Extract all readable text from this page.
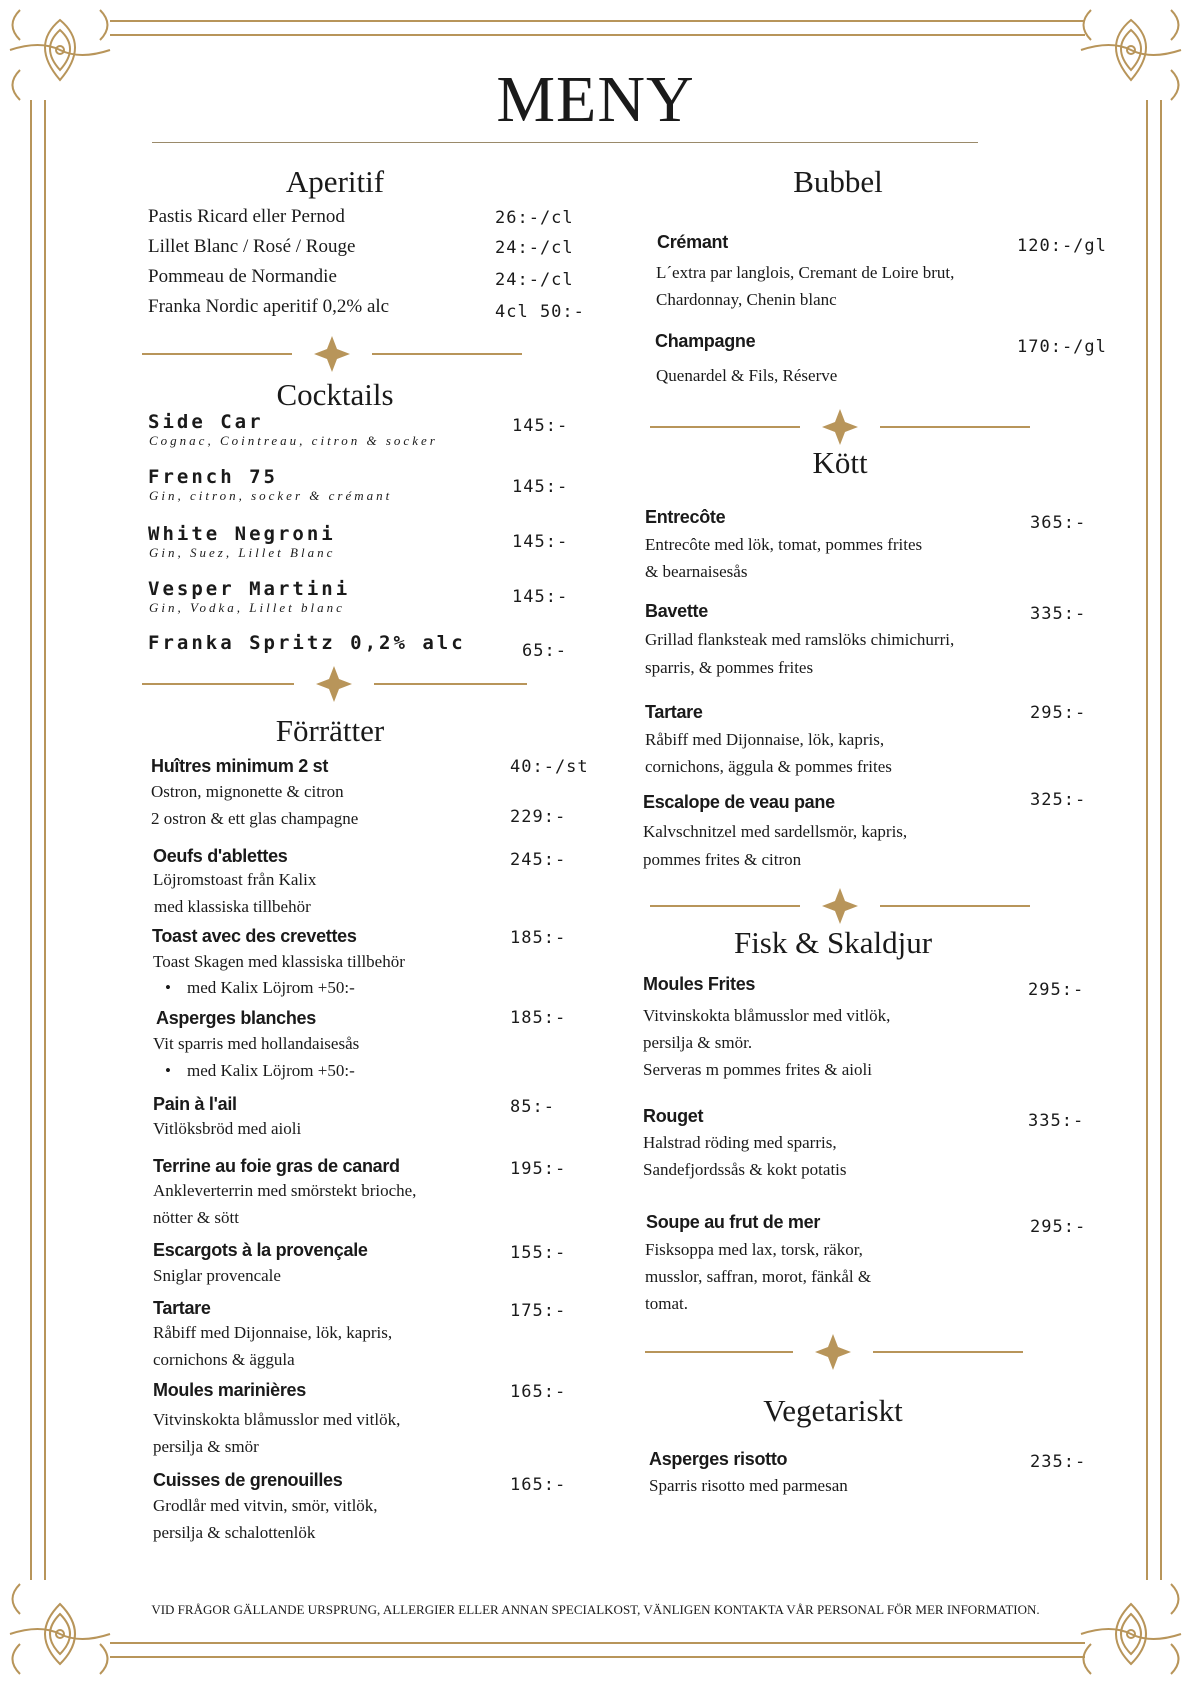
MENY
Aperitif
Pastis Ricard eller Pernod	26:-/cl
Lillet Blanc / Rosé / Rouge	24:-/cl
Pommeau de Normandie	24:-/cl
Franka Nordic aperitif 0,2% alc	4cl 50:-
Cocktails
Side Car
Cognac, Cointreau, citron & socker
145:-
French 75
Gin, citron, socker & crémant	145:-
White Negroni
Gin, Suez, Lillet Blanc
145:-
Vesper Martini
Gin, Vodka, Lillet blanc
145:-
Franka Spritz 0,2% alc	65:-
Förrätter
Huîtres minimum 2 st	40:-/st
Ostron, mignonette & citron
2 ostron & ett glas champagne	229:-
Oeufs d'ablettes	245:-
Löjromstoast från Kalix
med klassiska tillbehör
Toast avec des crevettes	185:-
Toast Skagen med klassiska tillbehör
• med Kalix Löjrom +50:-
Asperges blanches	185:-
Vit sparris med hollandaisesås
• med Kalix Löjrom +50:-
Pain à l'ail	85:-
Vitlöksbröd med aioli
Terrine au foie gras de canard	195:-
Ankleverterrin med smörstekt brioche,
nötter & sött
Escargots à la provençale	155:-
Sniglar provencale
Tartare	175:-
Råbiff med Dijonnaise, lök, kapris,
cornichons & äggula
Moules marinières	165:-
Vitvinskokta blåmusslor med vitlök,
persilja & smör
Cuisses de grenouilles	165:-
Grodlår med vitvin, smör, vitlök,
persilja & schalottenlök
Bubbel
Crémant	120:-/gl
L´extra par langlois, Cremant de Loire brut,
Chardonnay, Chenin blanc
Champagne	170:-/gl
Quenardel & Fils, Réserve
Kött
Entrecôte	365:-
Entrecôte med lök, tomat, pommes frites
& bearnaisesås
Bavette	335:-
Grillad flanksteak med ramslöks chimichurri,
sparris, & pommes frites
Tartare	295:-
Råbiff med Dijonnaise, lök, kapris,
cornichons, äggula & pommes frites
Escalope de veau pane	325:-
Kalvschnitzel med sardellsmör, kapris,
pommes frites & citron
Fisk & Skaldjur
Moules Frites	295:-
Vitvinskokta blåmusslor med vitlök,
persilja & smör.
Serveras m pommes frites & aioli
Rouget	335:-
Halstrad röding med sparris,
Sandefjordssås & kokt potatis
Soupe au frut de mer	295:-
Fisksoppa med lax, torsk, räkor,
musslor, saffran, morot, fänkål &
tomat.
Vegetariskt
Asperges risotto	235:-
Sparris risotto med parmesan
VID FRÅGOR GÄLLANDE URSPRUNG, ALLERGIER ELLER ANNAN SPECIALKOST, VÄNLIGEN KONTAKTA VÅR PERSONAL FÖR MER INFORMATION.
